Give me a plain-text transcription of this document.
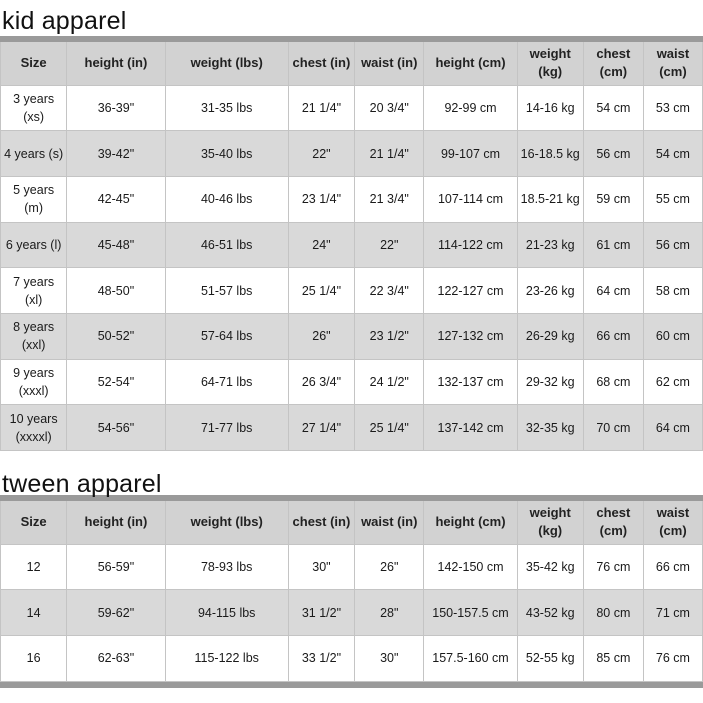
kid apparel
Size	height (in)	weight (lbs)	chest (in)	waist (in)	height (cm)	weight (kg)	chest (cm)	waist (cm)
3 years (xs)	36-39"	31-35 lbs	21 1/4"	20 3/4"	92-99 cm	14-16 kg	54 cm	53 cm
4 years (s)	39-42"	35-40 lbs	22"	21 1/4"	99-107 cm	16-18.5 kg	56 cm	54 cm
5 years (m)	42-45"	40-46 lbs	23 1/4"	21 3/4"	107-114 cm	18.5-21 kg	59 cm	55 cm
6 years (l)	45-48"	46-51 lbs	24"	22"	114-122 cm	21-23 kg	61 cm	56 cm
7 years (xl)	48-50"	51-57 lbs	25 1/4"	22 3/4"	122-127 cm	23-26 kg	64 cm	58 cm
8 years (xxl)	50-52"	57-64 lbs	26"	23 1/2"	127-132 cm	26-29 kg	66 cm	60 cm
9 years (xxxl)	52-54"	64-71 lbs	26 3/4"	24 1/2"	132-137 cm	29-32 kg	68 cm	62 cm
10 years (xxxxl)	54-56"	71-77 lbs	27 1/4"	25 1/4"	137-142 cm	32-35 kg	70 cm	64 cm
tween apparel
Size	height (in)	weight (lbs)	chest (in)	waist (in)	height (cm)	weight (kg)	chest (cm)	waist (cm)
12	56-59"	78-93 lbs	30"	26"	142-150 cm	35-42 kg	76 cm	66 cm
14	59-62"	94-115 lbs	31 1/2"	28"	150-157.5 cm	43-52 kg	80 cm	71 cm
16	62-63"	115-122 lbs	33 1/2"	30"	157.5-160 cm	52-55 kg	85 cm	76 cm
